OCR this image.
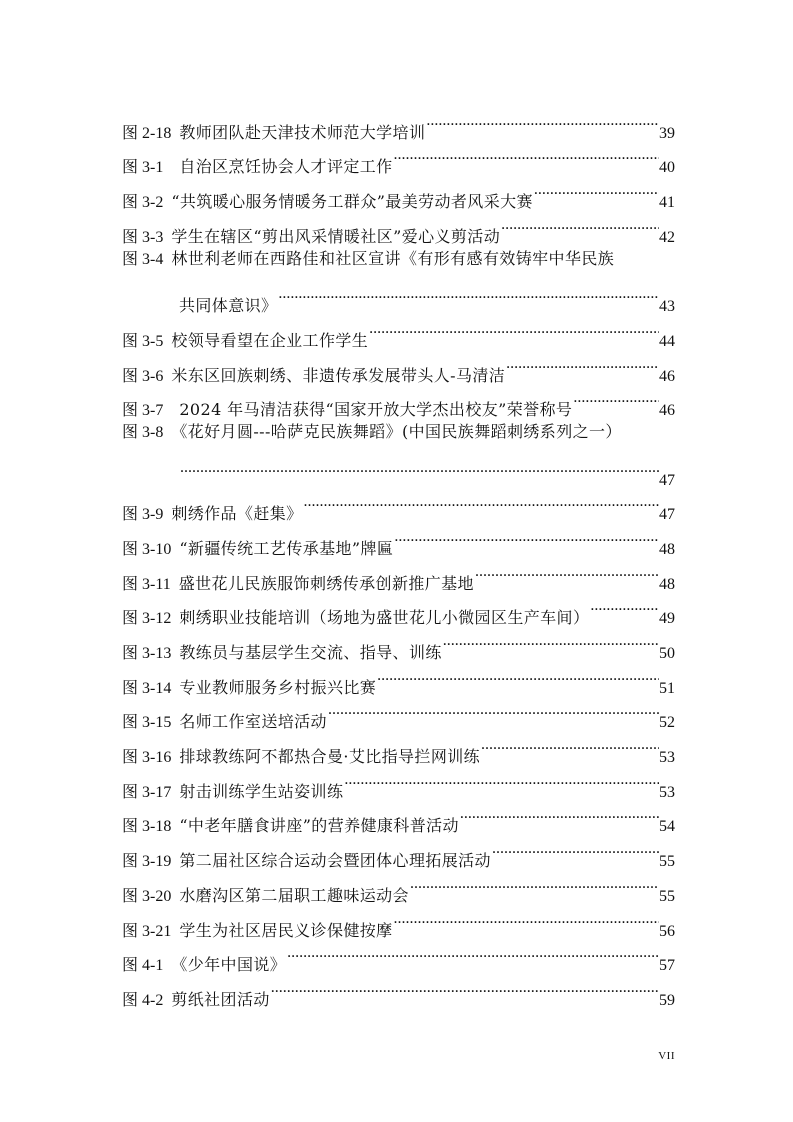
图 2-18 教师团队赴天津技术师范大学培训 .....	39
图 3-1 自治区烹饪协会人才评定工作 .....	40
图 3-2 “共筑暖心服务情暖务工群众”最美劳动者风采大赛 .....	41
图 3-3 学生在辖区“剪出风采情暖社区”爱心义剪活动 .....	42
图 3-4 林世利老师在西路佳和社区宣讲《有形有感有效铸牢中华民族
共同体意识》 .....	43
图 3-5 校领导看望在企业工作学生 .....	44
图 3-6 米东区回族刺绣、非遗传承发展带头人-马清洁 .....	46
图 3-7 2024 年马清洁获得“国家开放大学杰出校友”荣誉称号 .....	46
图 3-8 《花好月圆---哈萨克民族舞蹈》(中国民族舞蹈刺绣系列之一）
.....
47
图 3-9 刺绣作品《赶集》 .....	47
图 3-10 “新疆传统工艺传承基地”牌匾 .....	48
图 3-11 盛世花儿民族服饰刺绣传承创新推广基地 .....	48
图 3-12 刺绣职业技能培训（场地为盛世花儿小微园区生产车间） .....	49
图 3-13 教练员与基层学生交流、指导、训练 .....	50
图 3-14 专业教师服务乡村振兴比赛 .....	51
图 3-15 名师工作室送培活动 .....	52
图 3-16 排球教练阿不都热合曼·艾比指导拦网训练 .....	53
图 3-17 射击训练学生站姿训练 .....	53
图 3-18 “中老年膳食讲座”的营养健康科普活动 .....	54
图 3-19 第二届社区综合运动会暨团体心理拓展活动 .....	55
图 3-20 水磨沟区第二届职工趣味运动会 .....	55
图 3-21 学生为社区居民义诊保健按摩 .....	56
图 4-1 《少年中国说》 .....	57
图 4-2 剪纸社团活动 .....	59
VII
